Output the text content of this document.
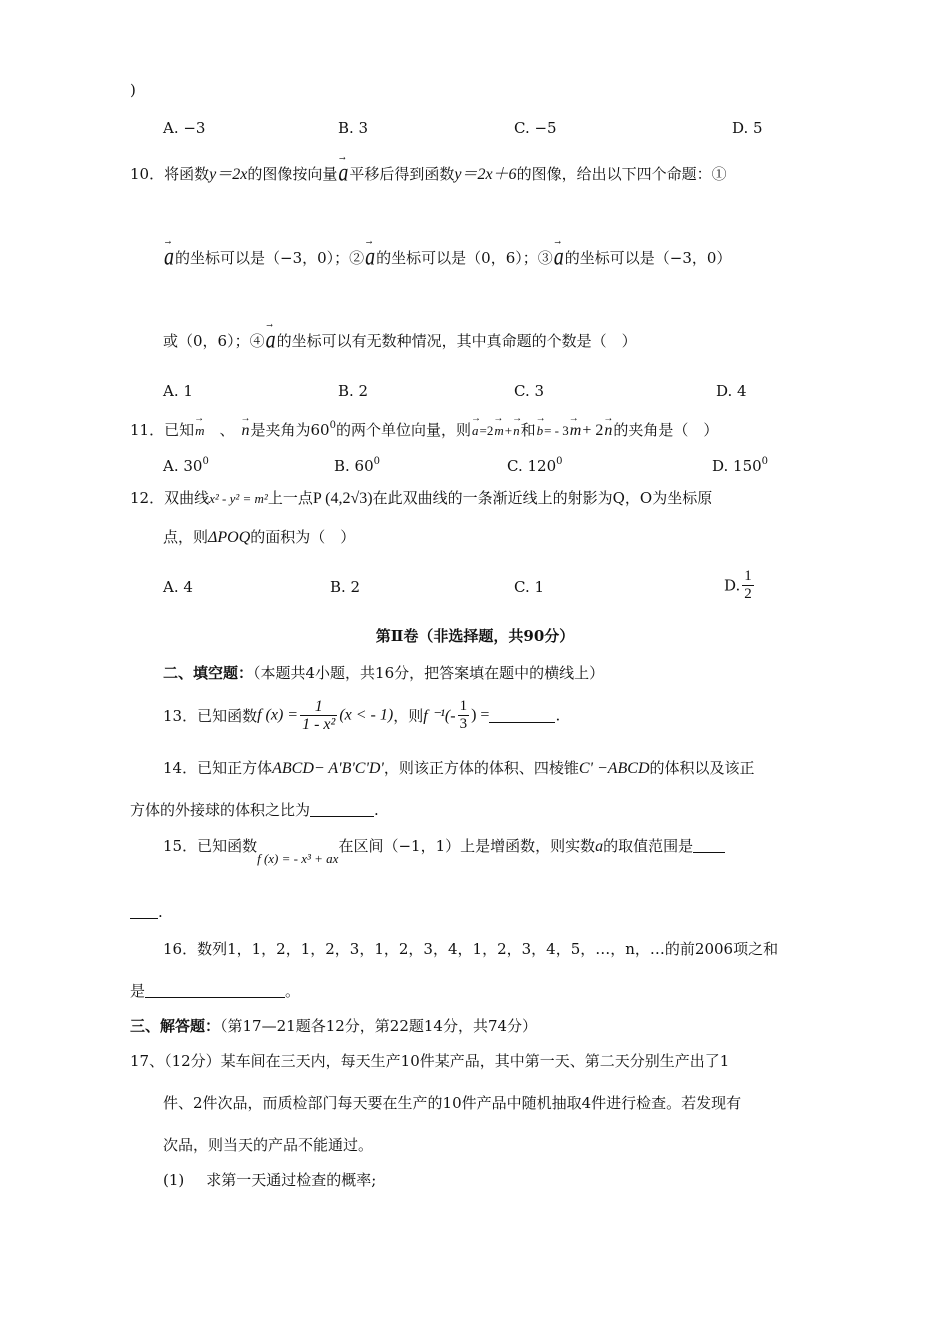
)
A. −3	B. 3	C. −5	D. 5
10．将函数y＝2x的图像按向量→ a平移后得到函数y＝2x＋6的图像，给出以下四个命题：①
→ a的坐标可以是（−3，0）；②→ a的坐标可以是（0，6）；③→ a的坐标可以是（−3，0）
或（0，6）；④→ a的坐标可以有无数种情况，其中真命题的个数是（　）
A. 1	B. 2	C. 3	D. 4
11．已知→ m 、→ n是夹角为$60^0$的两个单位向量，则→ a=2→ m+→ n和→ b= - 3→ m+ 2→ n的夹角是（　）
A. $30^0$	B. $60^0$	C. $120^0$	D. $150^0$
12．双曲线x² - y² = m²上一点P (4,2√3)在此双曲线的一条渐近线上的射影为Q，O为坐标原
点，则ΔPOQ的面积为（　）
A. 4	B. 2	C. 1	D. $\frac{1}{2}$
第Ⅱ卷（非选择题，共90分）
二、填空题：（本题共4小题，共16分，把答案填在题中的横线上）
13．已知函数f $(x) = \frac{1}{\text{1 - x²}} (x$ < - 1)，则f $^{-1}(- \frac{1}{3}$ ) =	.
14．已知正方体ABCD− A'B'C'D'，则该正方体的体积、四棱锥C' −ABCD的体积以及该正
方体的外接球的体积之比为	.
15．已知函数f (x) = - x³ + ax在区间（−1，1）上是增函数，则实数a的取值范围是
.
16．数列1，1，2，1，2，3，1，2，3，4，1，2，3，4，5，…，n，…的前2006项之和
是	。
三、解答题：（第17—21题各12分，第22题14分，共74分）
17、（12分）某车间在三天内，每天生产10件某产品，其中第一天、第二天分别生产出了1
件、2件次品，而质检部门每天要在生产的10件产品中随机抽取4件进行检查。若发现有
次品，则当天的产品不能通过。
(1) 求第一天通过检查的概率;
